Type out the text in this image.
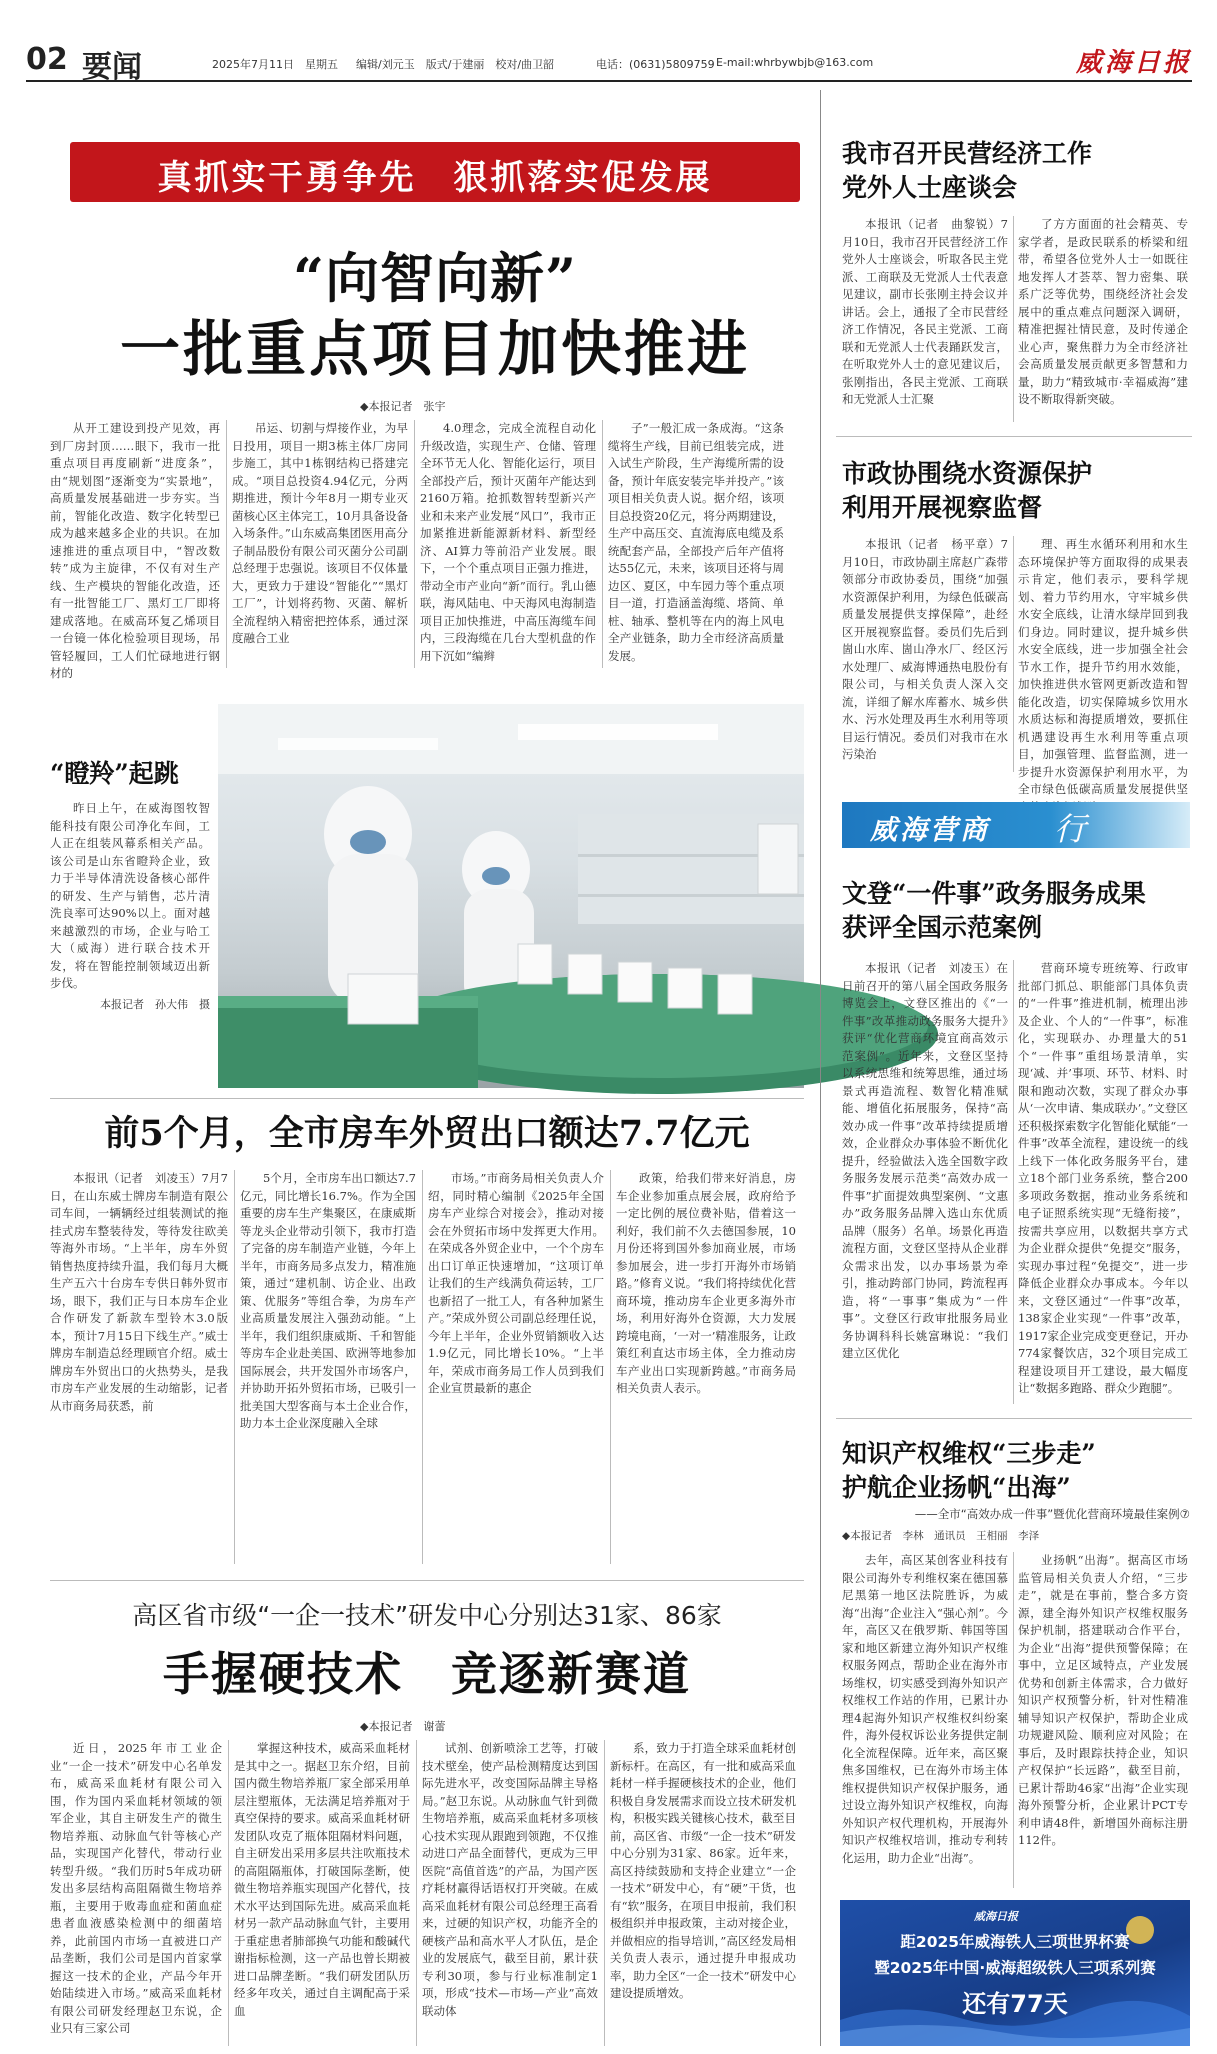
02 要闻	2025年7月11日　星期五 编辑/刘元玉　版式/于建丽　校对/曲卫韶	电话：(0631)5809759 E-mail:whrbywbjb@163.com	威海日报
真抓实干勇争先　狠抓落实促发展
“向智向新”
一批重点项目加快推进
◆本报记者　张宇

从开工建设到投产见效，再到厂房封顶……眼下，我市一批重点项目再度刷新“进度条”，由“规划图”逐渐变为“实景地”，高质量发展基础进一步夯实。当前，智能化改造、数字化转型已成为越来越多企业的共识。在加速推进的重点项目中，“智改数转”成为主旋律，不仅有对生产线、生产模块的智能化改造，还有一批智能工厂、黑灯工厂即将建成落地。在威高环复乙烯项目一台镜一体化检验项目现场，吊管轻履回，工人们忙碌地进行钢材的

吊运、切割与焊接作业，为早日投用，项目一期3栋主体厂房同步施工，其中1栋钢结构已搭建完成。“项目总投资4.94亿元，分两期推进，预计今年8月一期专业灭菌核心区主体完工，10月具备设备入场条件。”山东威高集团医用高分子制品股份有限公司灭菌分公司副总经理于忠强说。该项目不仅体量大，更致力于建设“智能化”“黑灯工厂”，计划将药物、灭菌、解析全流程纳入精密把控体系，通过深度融合工业

4.0理念，完成全流程自动化升级改造，实现生产、仓储、管理全环节无人化、智能化运行，项目全部投产后，预计灭菌年产能达到2160万箱。抢抓数智转型新兴产业和未来产业发展“风口”，我市正加紧推进新能源新材料、新型经济、AI算力等前沿产业发展。眼下，一个个重点项目正强力推进，带动全市产业向“新”而行。乳山德联，海风陆电、中天海风电海制造项目正加快推进，中高压海缆车间内，三段海缆在几台大型机盘的作用下沉如“编辫

子”一般汇成一条成海。“这条缆将生产线，目前已组装完成，进入试生产阶段，生产海缆所需的设备，预计年底安装完毕并投产。”该项目相关负责人说。据介绍，该项目总投资20亿元，将分两期建设，生产中高压交、直流海底电缆及系统配套产品，全部投产后年产值将达55亿元，未来，该项目还将与周边区、夏区，中车园力等个重点项目一道，打造涵盖海缆、塔筒、单桩、轴承、整机等在内的海上风电全产业链条，助力全市经济高质量发展。

“瞪羚”起跳

昨日上午，在威海图牧智能科技有限公司净化车间，工人正在组装风幕系相关产品。该公司是山东省瞪羚企业，致力于半导体清洗设备核心部件的研发、生产与销售，芯片清洗良率可达90%以上。面对越来越激烈的市场，企业与哈工大（威海）进行联合技术开发，将在智能控制领域迈出新步伐。

本报记者　孙大伟　摄
前5个月，全市房车外贸出口额达7.7亿元

本报讯（记者　刘凌玉）7月7日，在山东威士牌房车制造有限公司车间，一辆辆经过组装测试的拖挂式房车整装待发，等待发往欧美等海外市场。“上半年，房车外贸销售热度持续升温，我们每月大概生产五六十台房车专供日韩外贸市场，眼下，我们正与日本房车企业合作研发了新款车型铃木3.0版本，预计7月15日下线生产。”威士牌房车制造总经理顾官介绍。威士牌房车外贸出口的火热势头，是我市房车产业发展的生动缩影，记者从市商务局获悉，前

5个月，全市房车出口额达7.7亿元，同比增长16.7%。作为全国重要的房车生产集聚区，在康威斯等龙头企业带动引领下，我市打造了完备的房车制造产业链，今年上半年，市商务局多点发力，精准施策，通过“建机制、访企业、出政策、优服务”等组合拳，为房车产业高质量发展注入强劲动能。“上半年，我们组织康威斯、千和智能等房车企业赴美国、欧洲等地参加国际展会，共开发国外市场客户，并协助开拓外贸拓市场，已吸引一批美国大型客商与本土企业合作，助力本土企业深度融入全球

市场。”市商务局相关负责人介绍，同时精心编制《2025年全国房车产业综合对接会》，推动对接会在外贸拓市场中发挥更大作用。在荣成各外贸企业中，一个个房车出口订单正快速增加，“这项订单让我们的生产线满负荷运转，工厂也新招了一批工人，有各种加紧生产。”荣成外贸公司副总经理任说，今年上半年，企业外贸销额收入达1.9亿元，同比增长10%。“上半年，荣成市商务局工作人员到我们企业宣贯最新的惠企

政策，给我们带来好消息，房车企业参加重点展会展，政府给予一定比例的展位费补贴，借着这一利好，我们前不久去德国参展，10月份还将到国外参加商业展，市场参加展会，进一步打开海外市场销路。”修育义说。“我们将持续优化营商环境，推动房车企业更多海外市场，利用好海外仓资源，大力发展跨境电商，‘一对一’精准服务，让政策红利直达市场主体，全力推动房车产业出口实现新跨越。”市商务局相关负责人表示。

高区省市级“一企一技术”研发中心分别达31家、86家
手握硬技术　竞逐新赛道
◆本报记者　谢蕾

近日，2025年市工业企业“一企一技术”研发中心名单发布，威高采血耗材有限公司入围，作为国内采血耗材领域的领军企业，其自主研发生产的微生物培养瓶、动脉血气针等核心产品，实现国产化替代，带动行业转型升级。“我们历时5年成功研发出多层结构高阻隔微生物培养瓶，主要用于败毒血症和菌血症患者血液感染检测中的细菌培养，此前国内市场一直被进口产品垄断，我们公司是国内首家掌握这一技术的企业，产品今年开始陆续进入市场。”威高采血耗材有限公司研发经理赵卫东说，企业只有三家公司

掌握这种技术，威高采血耗材是其中之一。据赵卫东介绍，目前国内微生物培养瓶厂家全部采用单层注塑瓶体，无法满足培养瓶对于真空保持的要求。威高采血耗材研发团队攻克了瓶体阻隔材料问题，自主研发出采用多层共注吹瓶技术的高阻隔瓶体，打破国际垄断，使微生物培养瓶实现国产化替代，技术水平达到国际先进。威高采血耗材另一款产品动脉血气针，主要用于重症患者肺部换气功能和酸碱代谢指标检测，这一产品也曾长期被进口品牌垄断。“我们研发团队历经多年攻关，通过自主调配高于采血

试剂、创新喷涂工艺等，打破技术壁垒，使产品检测精度达到国际先进水平，改变国际品牌主导格局。”赵卫东说。从动脉血气针到微生物培养瓶，威高采血耗材多项核心技术实现从跟跑到领跑，不仅推动进口产品全面替代，更成为三甲医院“高值首选”的产品，为国产医疗耗材赢得话语权打开突破。在威高采血耗材有限公司总经理王高看来，过硬的知识产权，功能齐全的硬核产品和高水平人才队伍，是企业的发展底气，截至目前，累计获专利30项，参与行业标准制定1项，形成“技术—市场—产业”高效联动体

系，致力于打造全球采血耗材创新标杆。在高区，有一批和威高采血耗材一样手握硬核技术的企业，他们积极自身发展需求而设立技术研发机构，积极实践关键核心技术，截至目前，高区省、市级“一企一技术”研发中心分别为31家、86家。近年来，高区持续鼓励和支持企业建立“一企一技术”研发中心，有“硬”干货，也有“软”服务，在项目申报前，我们积极组织并申报政策，主动对接企业，并做相应的指导培训，”高区经发局相关负责人表示，通过提升申报成功率，助力全区“一企一技术”研发中心建设提质增效。

我市召开民营经济工作
党外人士座谈会

本报讯（记者　曲黎锐）7月10日，我市召开民营经济工作党外人士座谈会，听取各民主党派、工商联及无党派人士代表意见建议，副市长张刚主持会议并讲话。会上，通报了全市民营经济工作情况，各民主党派、工商联和无党派人士代表踊跃发言，在听取党外人士的意见建议后，张刚指出，各民主党派、工商联和无党派人士汇聚

了方方面面的社会精英、专家学者，是政民联系的桥梁和纽带，希望各位党外人士一如既往地发挥人才荟萃、智力密集、联系广泛等优势，围绕经济社会发展中的重点难点问题深入调研，精准把握社情民意，及时传递企业心声，聚焦群力为全市经济社会高质量发展贡献更多智慧和力量，助力“精致城市·幸福威海”建设不断取得新突破。

市政协围绕水资源保护
利用开展视察监督

本报讯（记者　杨平章）7月10日，市政协副主席赵广森带领部分市政协委员，围绕“加强水资源保护利用，为绿色低碳高质量发展提供支撑保障”，赴经区开展视察监督。委员们先后到崮山水库、崮山净水厂、经区污水处理厂、威海博通热电股份有限公司，与相关负责人深入交流，详细了解水库蓄水、城乡供水、污水处理及再生水利用等项目运行情况。委员们对我市在水污染治

理、再生水循环利用和水生态环境保护等方面取得的成果表示肯定，他们表示，要科学规划、着力节约用水，守牢城乡供水安全底线，让清水绿岸回到我们身边。同时建议，提升城乡供水安全底线，进一步加强全社会节水工作，提升节约用水效能，加快推进供水管网更新改造和智能化改造，切实保障城乡饮用水水质达标和海提质增效，要抓住机遇建设再生水利用等重点项目，加强管理、监督监测，进一步提升水资源保护利用水平，为全市绿色低碳高质量发展提供坚

威海营商 行
文登“一件事”政务服务成果
获评全国示范案例

本报讯（记者　刘凌玉）在日前召开的第八届全国政务服务博览会上，文登区推出的《“一件事”改革推动政务服务大提升》获评“优化营商环境宜商高效示范案例”。近年来，文登区坚持以系统思维和统筹思维，通过场景式再造流程、数智化精准赋能、增值化拓展服务，保持“高效办成一件事”改革持续提质增效，企业群众办事体验不断优化提升，经验做法入选全国数字政务服务发展示范类“高效办成一件事”扩面提效典型案例、“文惠办”政务服务品牌入选山东优质品牌（服务）名单。场景化再造流程方面，文登区坚持从企业群众需求出发，以办事场景为牵引，推动跨部门协同，跨流程再造，将“一事事”集成为“一件事”。文登区行政审批服务局业务协调科科长姚富琳说：“我们建立区优化

营商环境专班统筹、行政审批部门抓总、职能部门具体负责的“一件事”推进机制，梳理出涉及企业、个人的“一件事”，标准化，实现联办、办理量大的51个“一件事”重组场景清单，实现‘减、并’事项、环节、材料、时限和跑动次数，实现了群众办事从‘一次申请、集成联办’。”文登区还积极探索数字化智能化赋能“一件事”改革全流程，建设统一的线上线下一体化政务服务平台，建立18个部门业务系统，整合200多项政务数据，推动业务系统和电子证照系统实现“无缝衔接”，按需共享应用，以数据共享方式为企业群众提供“免提交”服务，实现办事过程“免提交”，进一步降低企业群众办事成本。今年以来，文登区通过“一件事”改革，138家企业实现“一件事”改革，1917家企业完成变更登记，开办774家餐饮店，32个项目完成工程建设项目开工建设，最大幅度让“数据多跑路、群众少跑腿”。

知识产权维权“三步走”
护航企业扬帆“出海”
——全市“高效办成一件事”暨优化营商环境最佳案例⑦
◆本报记者　李林　通讯员　王相丽　李泽

去年，高区某创客业科技有限公司海外专利维权案在德国慕尼黑第一地区法院胜诉，为威海“出海”企业注入“强心剂”。今年，高区又在俄罗斯、韩国等国家和地区新建立海外知识产权维权服务网点，帮助企业在海外市场维权，切实感受到海外知识产权维权工作站的作用，已累计办理4起海外知识产权维权纠纷案件，海外侵权诉讼业务提供定制化全流程保障。近年来，高区聚焦多国维权，已在海外市场主体维权提供知识产权保护服务，通过设立海外知识产权维权，向海外知识产权代理机构，开展海外知识产权维权培训，推动专利转化运用，助力企业“出海”。

业扬帆“出海”。据高区市场监管局相关负责人介绍，“三步走”，就是在事前，整合多方资源，建全海外知识产权维权服务保护机制，搭建联动合作平台，为企业“出海”提供预警保障；在事中，立足区域特点，产业发展优势和创新主体需求，合力做好知识产权预警分析，针对性精准辅导知识产权保护，帮助企业成功规避风险、顺利应对风险；在事后，及时跟踪扶持企业，知识产权保护“长远路”，截至目前，已累计帮助46家“出海”企业实现海外预警分析，企业累计PCT专利申请48件，新增国外商标注册112件。

威海日报
距2025年威海铁人三项世界杯赛
暨2025年中国·威海超级铁人三项系列赛
还有77天
